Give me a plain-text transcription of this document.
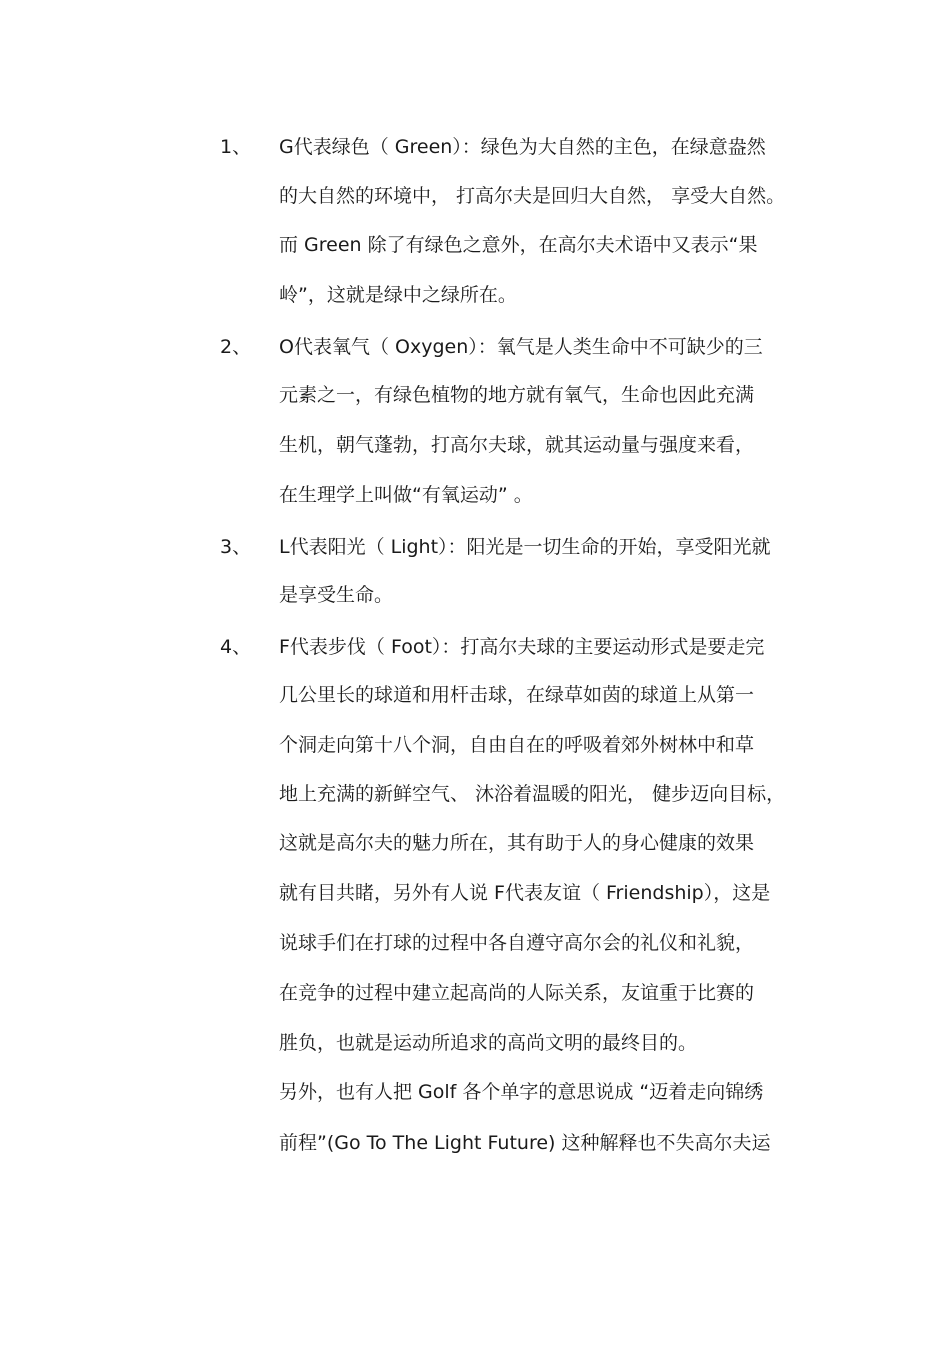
1、 G代表绿色（ Green）：绿色为大自然的主色，在绿意盎然
的大自然的环境中， 打高尔夫是回归大自然， 享受大自然。
而 Green 除了有绿色之意外，在高尔夫术语中又表示“果
岭”，这就是绿中之绿所在。
2、 O代表氧气（ Oxygen）：氧气是人类生命中不可缺少的三
元素之一，有绿色植物的地方就有氧气，生命也因此充满
生机，朝气蓬勃，打高尔夫球，就其运动量与强度来看，
在生理学上叫做“有氧运动” 。
3、 L代表阳光（ Light）：阳光是一切生命的开始，享受阳光就
是享受生命。
4、 F代表步伐（ Foot）：打高尔夫球的主要运动形式是要走完
几公里长的球道和用杆击球，在绿草如茵的球道上从第一
个洞走向第十八个洞，自由自在的呼吸着郊外树林中和草
地上充满的新鲜空气、 沐浴着温暖的阳光， 健步迈向目标，
这就是高尔夫的魅力所在，其有助于人的身心健康的效果
就有目共睹，另外有人说 F代表友谊（ Friendship），这是
说球手们在打球的过程中各自遵守高尔会的礼仪和礼貌，
在竞争的过程中建立起高尚的人际关系，友谊重于比赛的
胜负，也就是运动所追求的高尚文明的最终目的。
另外，也有人把 Golf 各个单字的意思说成 “迈着走向锦绣
前程”(Go To The Light Future) 这种解释也不失高尔夫运
